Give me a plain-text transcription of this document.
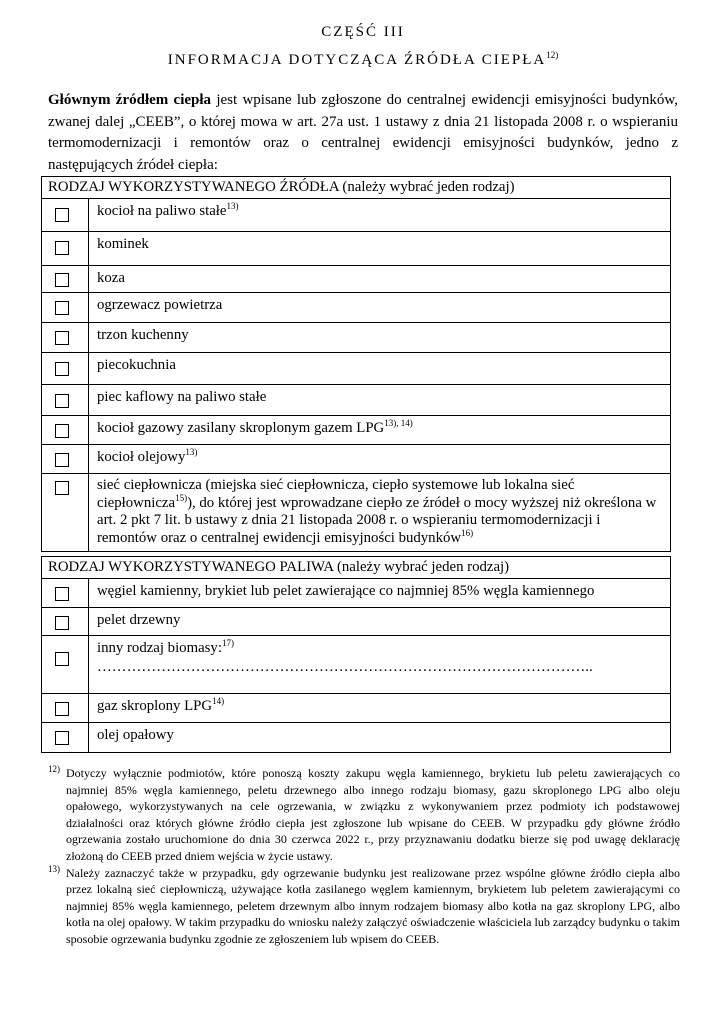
CZĘŚĆ III
INFORMACJA DOTYCZĄCA ŹRÓDŁA CIEPŁA$^{12)}$
Głównym źródłem ciepła jest wpisane lub zgłoszone do centralnej ewidencji emisyjności budynków, zwanej dalej „CEEB”, o której mowa w art. 27a ust. 1 ustawy z dnia 21 listopada 2008 r. o wspieraniu termomodernizacji i remontów oraz o centralnej ewidencji emisyjności budynków, jedno z następujących źródeł ciepła:
RODZAJ WYKORZYSTYWANEGO ŹRÓDŁA (należy wybrać jeden rodzaj)	

	kocioł na paliwo stałe$^{13)}$

	kominek

	koza

	ogrzewacz powietrza

	trzon kuchenny

	piecokuchnia

	piec kaflowy na paliwo stałe

	kocioł gazowy zasilany skroplonym gazem $LPG^{13), 14)}$

	kocioł olejowy$^{13)}$

	sieć ciepłownicza (miejska sieć ciepłownicza, ciepło systemowe lub lokalna sieć ciepłownicza$^{15)}$), do której jest wprowadzane ciepło ze źródeł o mocy wyższej niż określona w art. 2 pkt 7 lit. b ustawy z dnia 21 listopada 2008 r. o wspieraniu termomodernizacji i remontów oraz o centralnej ewidencji emisyjności budynków$^{16)}$
RODZAJ WYKORZYSTYWANEGO PALIWA (należy wybrać jeden rodzaj)	

	węgiel kamienny, brykiet lub pelet zawierające co najmniej 85% węgla kamiennego

	pelet drzewny

	inny rodzaj biomasy:$^{17)}$
………………………………………………………………………………………..

	gaz skroplony LPG$^{14)}$

	olej opałowy
12) Dotyczy wyłącznie podmiotów, które ponoszą koszty zakupu węgla kamiennego, brykietu lub peletu zawierających co najmniej 85% węgla kamiennego, peletu drzewnego albo innego rodzaju biomasy, gazu skroplonego LPG albo oleju opałowego, wykorzystywanych na cele ogrzewania, w związku z wykonywaniem przez podmioty ich podstawowej działalności oraz których główne źródło ciepła jest zgłoszone lub wpisane do CEEB. W przypadku gdy główne źródło ogrzewania zostało uruchomione do dnia 30 czerwca 2022 r., przy przyznawaniu dodatku bierze się pod uwagę deklarację złożoną do CEEB przed dniem wejścia w życie ustawy.
13) Należy zaznaczyć także w przypadku, gdy ogrzewanie budynku jest realizowane przez wspólne główne źródło ciepła albo przez lokalną sieć ciepłowniczą, używające kotła zasilanego węglem kamiennym, brykietem lub peletem zawierającymi co najmniej 85% węgla kamiennego, peletem drzewnym albo innym rodzajem biomasy albo kotła na gaz skroplony LPG, albo kotła na olej opałowy. W takim przypadku do wniosku należy załączyć oświadczenie właściciela lub zarządcy budynku o takim sposobie ogrzewania budynku zgodnie ze zgłoszeniem lub wpisem do CEEB.
